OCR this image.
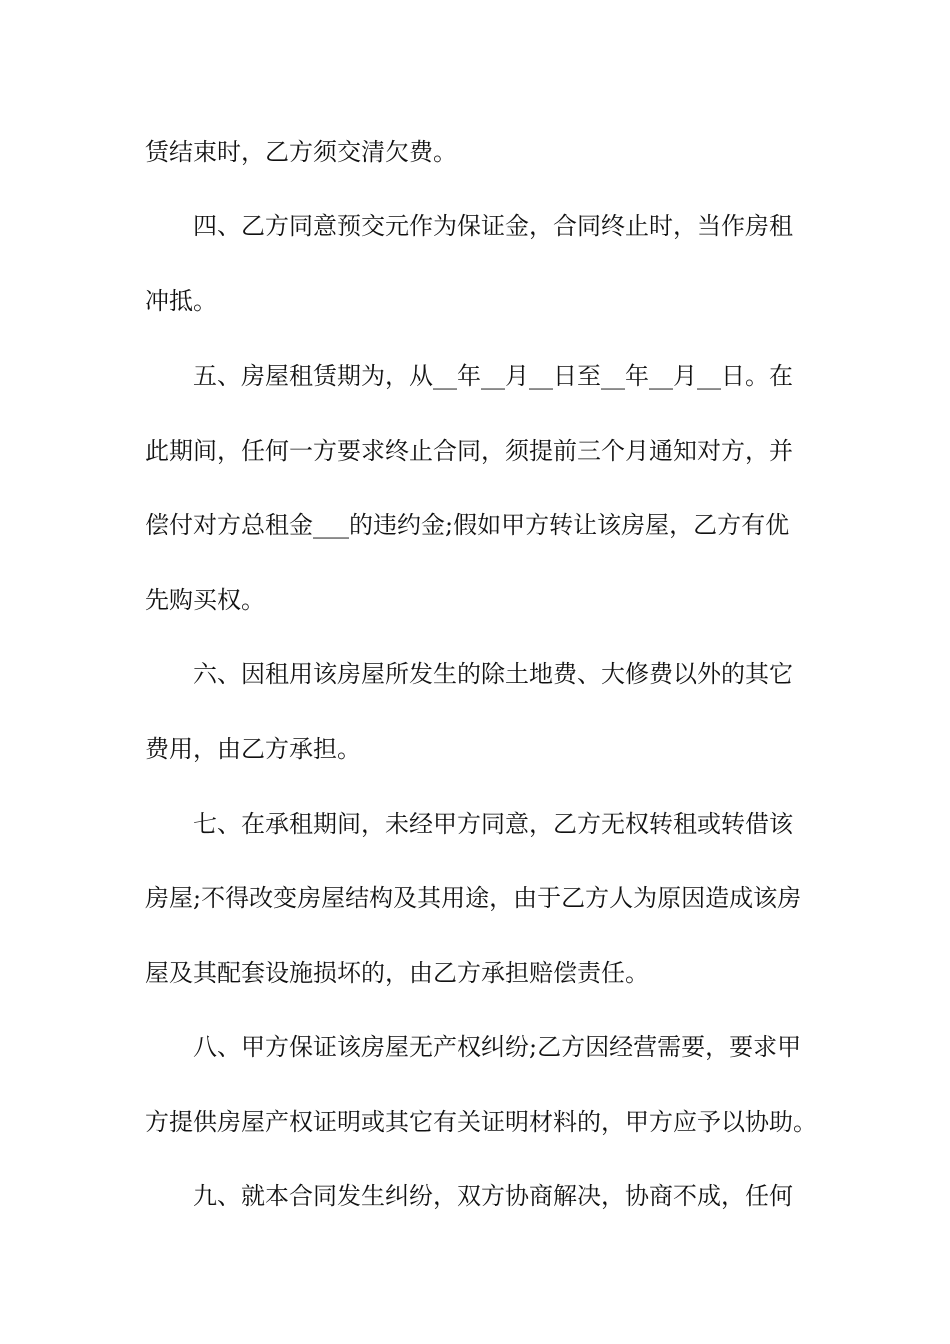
赁结束时，乙方须交清欠费。
四、乙方同意预交元作为保证金，合同终止时，当作房租
冲抵。
五、房屋租赁期为，从__年__月__日至__年__月__日。在
此期间，任何一方要求终止合同，须提前三个月通知对方，并
偿付对方总租金___的违约金;假如甲方转让该房屋，乙方有优
先购买权。
六、因租用该房屋所发生的除土地费、大修费以外的其它
费用，由乙方承担。
七、在承租期间，未经甲方同意，乙方无权转租或转借该
房屋;不得改变房屋结构及其用途，由于乙方人为原因造成该房
屋及其配套设施损坏的，由乙方承担赔偿责任。
八、甲方保证该房屋无产权纠纷;乙方因经营需要，要求甲
方提供房屋产权证明或其它有关证明材料的，甲方应予以协助。
九、就本合同发生纠纷，双方协商解决，协商不成，任何
